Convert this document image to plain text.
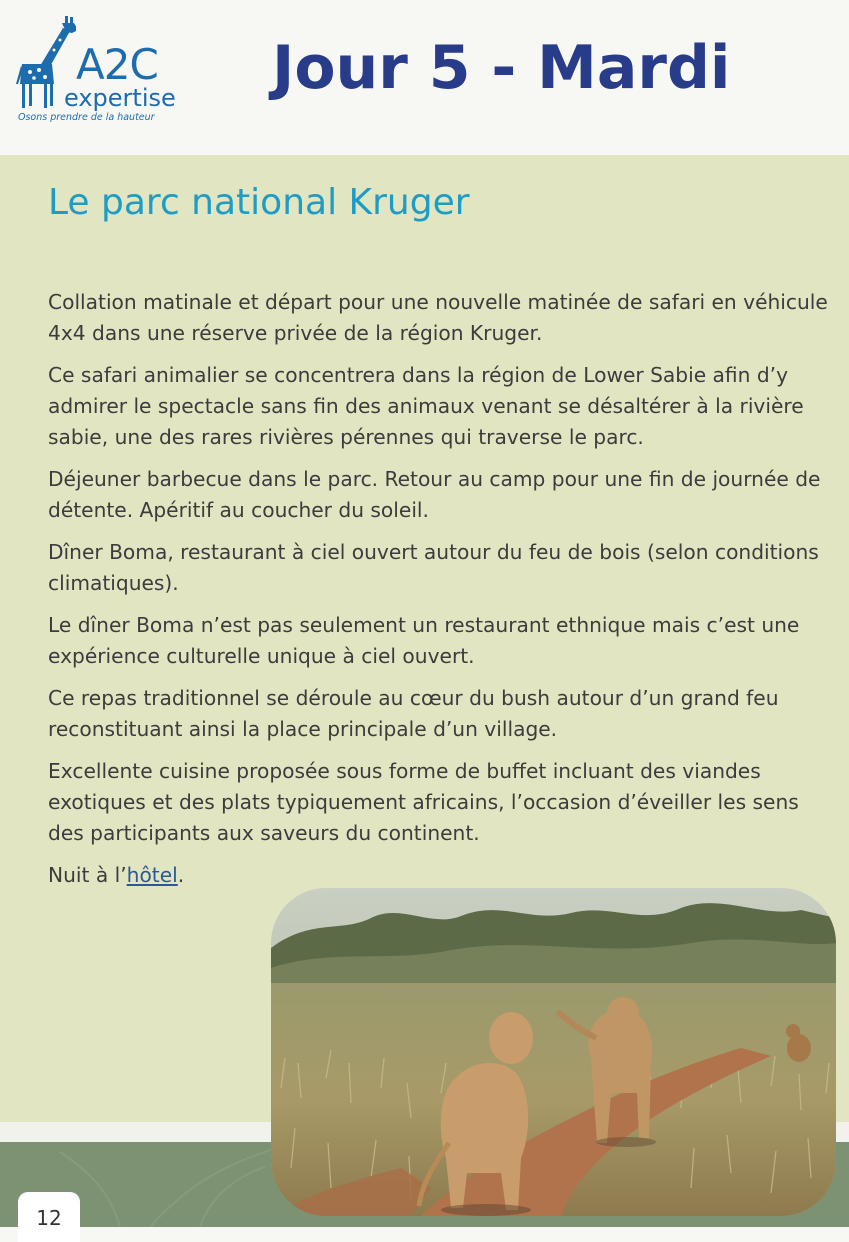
A2C
expertise
Osons prendre de la hauteur
Jour 5 - Mardi
Le parc national Kruger

Collation matinale et départ pour une nouvelle matinée de safari en véhicule 4x4 dans une réserve privée de la région Kruger.

Ce safari animalier se concentrera dans la région de Lower Sabie afin d’y admirer le spectacle sans fin des animaux venant se désaltérer à la rivière sabie, une des rares rivières pérennes qui traverse le parc.

Déjeuner barbecue dans le parc. Retour au camp pour une fin de journée de détente. Apéritif au coucher du soleil.

Dîner Boma, restaurant à ciel ouvert autour du feu de bois (selon conditions climatiques).

Le dîner Boma n’est pas seulement un restaurant ethnique mais c’est une expérience culturelle unique à ciel ouvert.

Ce repas traditionnel se déroule au cœur du bush autour d’un grand feu reconstituant ainsi la place principale d’un village.

Excellente cuisine proposée sous forme de buffet incluant des viandes exotiques et des plats typiquement africains, l’occasion d’éveiller les sens des participants aux saveurs du continent.

Nuit à l’hôtel.

12
